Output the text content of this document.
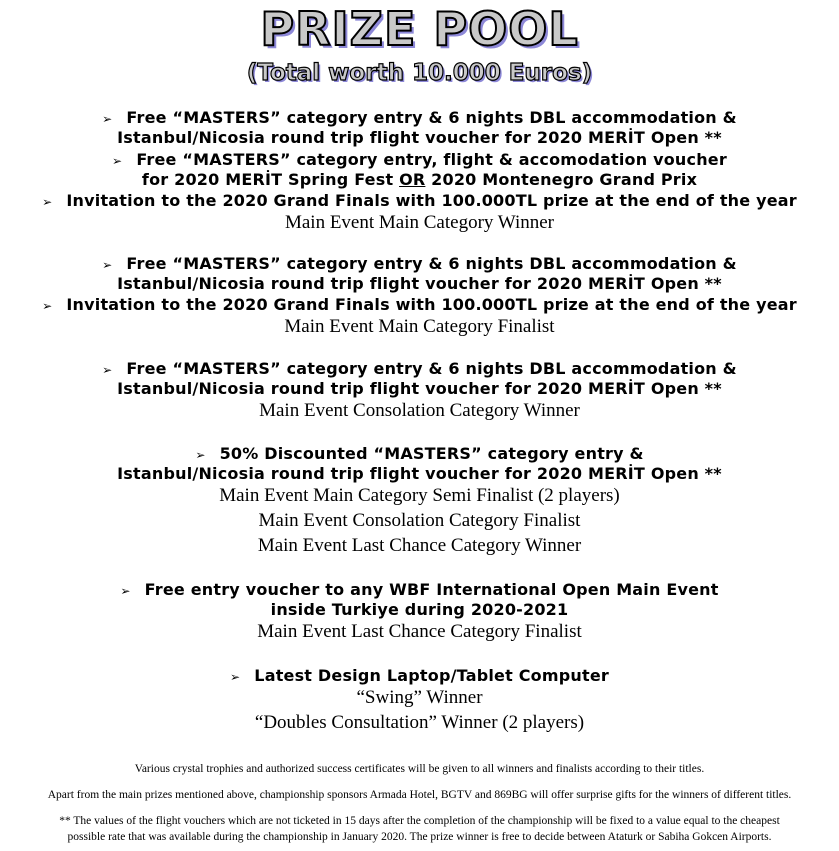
PRIZE POOL
(Total worth 10.000 Euros)
➢ Free “MASTERS” category entry & 6 nights DBL accommodation &
Istanbul/Nicosia round trip flight voucher for 2020 MERİT Open **
➢ Free “MASTERS” category entry, flight & accomodation voucher
for 2020 MERİT Spring Fest OR 2020 Montenegro Grand Prix
➢ Invitation to the 2020 Grand Finals with 100.000TL prize at the end of the year
Main Event Main Category Winner
➢ Free “MASTERS” category entry & 6 nights DBL accommodation &
Istanbul/Nicosia round trip flight voucher for 2020 MERİT Open **
➢ Invitation to the 2020 Grand Finals with 100.000TL prize at the end of the year
Main Event Main Category Finalist
➢ Free “MASTERS” category entry & 6 nights DBL accommodation &
Istanbul/Nicosia round trip flight voucher for 2020 MERİT Open **
Main Event Consolation Category Winner
➢ 50% Discounted “MASTERS” category entry &
Istanbul/Nicosia round trip flight voucher for 2020 MERİT Open **
Main Event Main Category Semi Finalist (2 players)
Main Event Consolation Category Finalist
Main Event Last Chance Category Winner
➢ Free entry voucher to any WBF International Open Main Event
inside Turkiye during 2020-2021
Main Event Last Chance Category Finalist
➢ Latest Design Laptop/Tablet Computer
“Swing” Winner
“Doubles Consultation” Winner (2 players)
Various crystal trophies and authorized success certificates will be given to all winners and finalists according to their titles.
Apart from the main prizes mentioned above, championship sponsors Armada Hotel, BGTV and 869BG will offer surprise gifts for the winners of different titles.
** The values of the flight vouchers which are not ticketed in 15 days after the completion of the championship will be fixed to a value equal to the cheapest
possible rate that was available during the championship in January 2020. The prize winner is free to decide between Ataturk or Sabiha Gokcen Airports.
